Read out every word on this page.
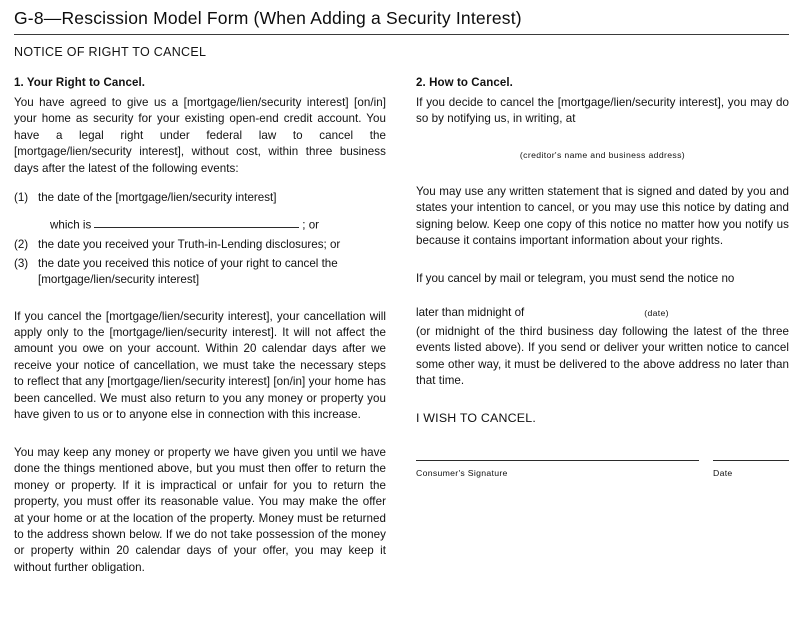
G-8—Rescission Model Form (When Adding a Security Interest)
NOTICE OF RIGHT TO CANCEL
1. Your Right to Cancel.

You have agreed to give us a [mortgage/lien/security interest] [on/in] your home as security for your existing open-end credit account. You have a legal right under federal law to cancel the [mortgage/lien/security interest], without cost, within three business days after the latest of the following events:

(1) the date of the [mortgage/lien/security interest]
which is	; or
(2) the date you received your Truth-in-Lending disclosures; or
(3) the date you received this notice of your right to cancel the [mortgage/lien/security interest]

If you cancel the [mortgage/lien/security interest], your cancellation will apply only to the [mortgage/lien/security interest]. It will not affect the amount you owe on your account. Within 20 calendar days after we receive your notice of cancellation, we must take the necessary steps to reflect that any [mortgage/lien/security interest] [on/in] your home has been cancelled. We must also return to you any money or property you have given to us or to anyone else in connection with this increase.

You may keep any money or property we have given you until we have done the things mentioned above, but you must then offer to return the money or property. If it is impractical or unfair for you to return the property, you must offer its reasonable value. You may make the offer at your home or at the location of the property. Money must be returned to the address shown below. If we do not take possession of the money or property within 20 calendar days of your offer, you may keep it without further obligation.

2. How to Cancel.

If you decide to cancel the [mortgage/lien/security interest], you may do so by notifying us, in writing, at

(creditor's name and business address)

You may use any written statement that is signed and dated by you and states your intention to cancel, or you may use this notice by dating and signing below. Keep one copy of this notice no matter how you notify us because it contains important information about your rights.

If you cancel by mail or telegram, you must send the notice no

later than midnight of	(date)

(or midnight of the third business day following the latest of the three events listed above). If you send or deliver your written notice to cancel some other way, it must be delivered to the above address no later than that time.

I WISH TO CANCEL.

Consumer's Signature	Date
